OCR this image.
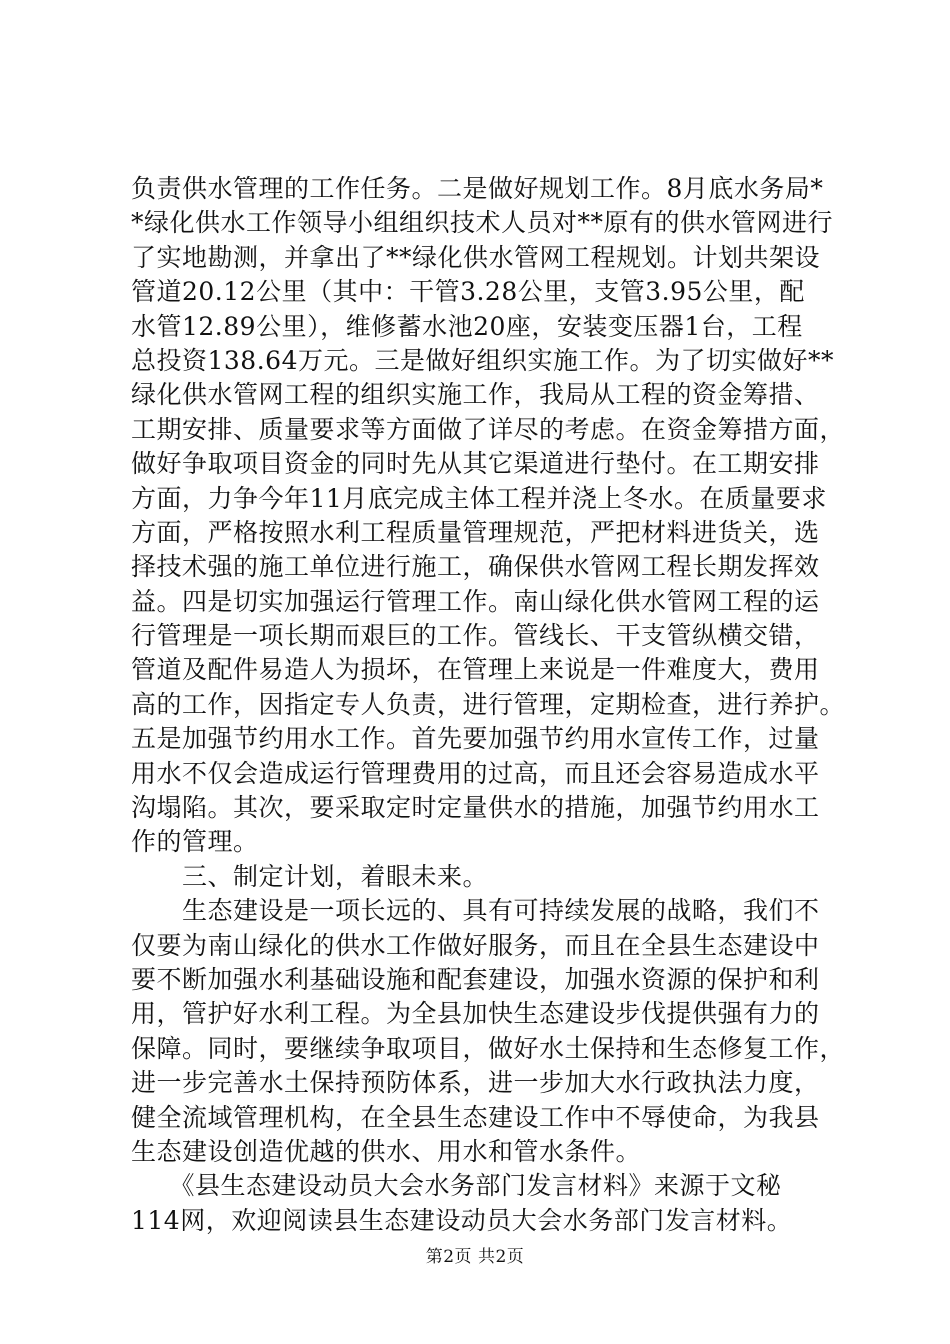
负责供水管理的工作任务。二是做好规划工作。8月底水务局*
*绿化供水工作领导小组组织技术人员对**原有的供水管网进行
了实地勘测，并拿出了**绿化供水管网工程规划。计划共架设
管道20.12公里（其中：干管3.28公里，支管3.95公里，配
水管12.89公里），维修蓄水池20座，安装变压器1台，工程
总投资138.64万元。三是做好组织实施工作。为了切实做好**
绿化供水管网工程的组织实施工作，我局从工程的资金筹措、
工期安排、质量要求等方面做了详尽的考虑。在资金筹措方面，
做好争取项目资金的同时先从其它渠道进行垫付。在工期安排
方面，力争今年11月底完成主体工程并浇上冬水。在质量要求
方面，严格按照水利工程质量管理规范，严把材料进货关，选
择技术强的施工单位进行施工，确保供水管网工程长期发挥效
益。四是切实加强运行管理工作。南山绿化供水管网工程的运
行管理是一项长期而艰巨的工作。管线长、干支管纵横交错，
管道及配件易造人为损坏，在管理上来说是一件难度大，费用
高的工作，因指定专人负责，进行管理，定期检查，进行养护。
五是加强节约用水工作。首先要加强节约用水宣传工作，过量
用水不仅会造成运行管理费用的过高，而且还会容易造成水平
沟塌陷。其次，要采取定时定量供水的措施，加强节约用水工
作的管理。
　　三、制定计划，着眼未来。
　　生态建设是一项长远的、具有可持续发展的战略，我们不
仅要为南山绿化的供水工作做好服务，而且在全县生态建设中
要不断加强水利基础设施和配套建设，加强水资源的保护和利
用，管护好水利工程。为全县加快生态建设步伐提供强有力的
保障。同时，要继续争取项目，做好水土保持和生态修复工作，
进一步完善水土保持预防体系，进一步加大水行政执法力度，
健全流域管理机构，在全县生态建设工作中不辱使命，为我县
生态建设创造优越的供水、用水和管水条件。
　　《县生态建设动员大会水务部门发言材料》来源于文秘
114网，欢迎阅读县生态建设动员大会水务部门发言材料。
第2页 共2页
